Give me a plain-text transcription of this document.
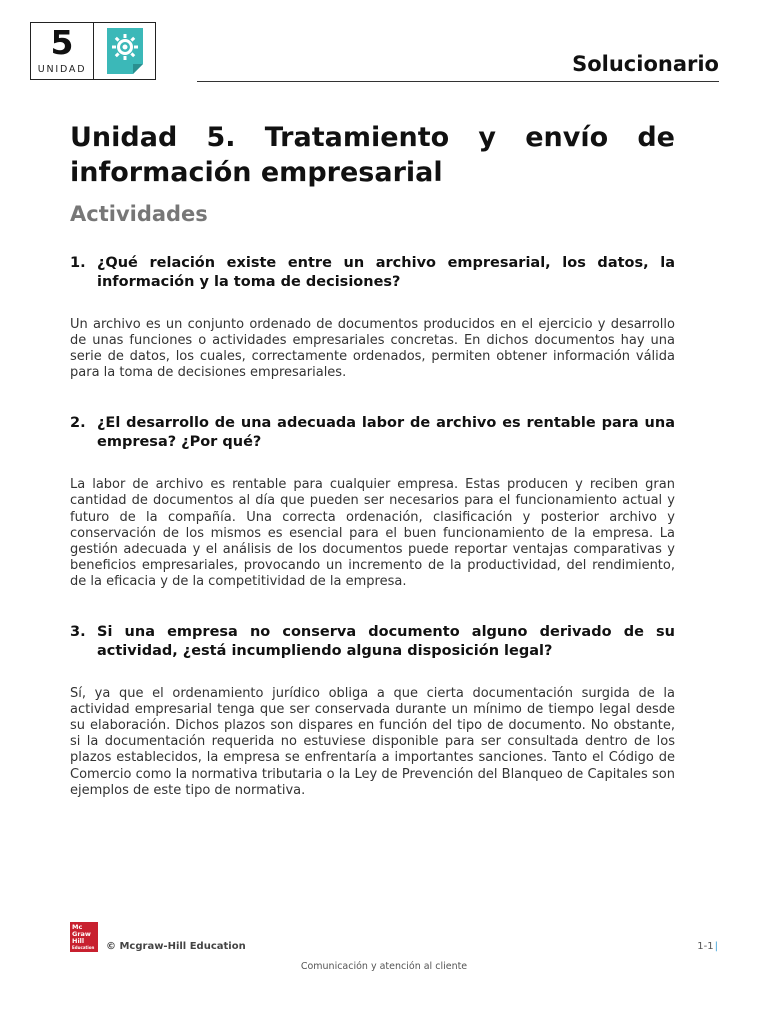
5
UNIDAD	Solucionario
Unidad 5. Tratamiento y envío de información empresarial
Actividades
1. ¿Qué relación existe entre un archivo empresarial, los datos, la información y la toma de decisiones?

Un archivo es un conjunto ordenado de documentos producidos en el ejercicio y desarrollo de unas funciones o actividades empresariales concretas. En dichos documentos hay una serie de datos, los cuales, correctamente ordenados, permiten obtener información válida para la toma de decisiones empresariales.

2. ¿El desarrollo de una adecuada labor de archivo es rentable para una empresa? ¿Por qué?

La labor de archivo es rentable para cualquier empresa. Estas producen y reciben gran cantidad de documentos al día que pueden ser necesarios para el funcionamiento actual y futuro de la compañía. Una correcta ordenación, clasificación y posterior archivo y conservación de los mismos es esencial para el buen funcionamiento de la empresa. La gestión adecuada y el análisis de los documentos puede reportar ventajas comparativas y beneficios empresariales, provocando un incremento de la productividad, del rendimiento, de la eficacia y de la competitividad de la empresa.

3. Si una empresa no conserva documento alguno derivado de su actividad, ¿está incumpliendo alguna disposición legal?

Sí, ya que el ordenamiento jurídico obliga a que cierta documentación surgida de la actividad empresarial tenga que ser conservada durante un mínimo de tiempo legal desde su elaboración. Dichos plazos son dispares en función del tipo de documento. No obstante, si la documentación requerida no estuviese disponible para ser consultada dentro de los plazos establecidos, la empresa se enfrentaría a importantes sanciones. Tanto el Código de Comercio como la normativa tributaria o la Ley de Prevención del Blanqueo de Capitales son ejemplos de este tipo de normativa.

Mc
Graw
Hill
Education	© Mcgraw-Hill Education	1-1|

Comunicación y atención al cliente
